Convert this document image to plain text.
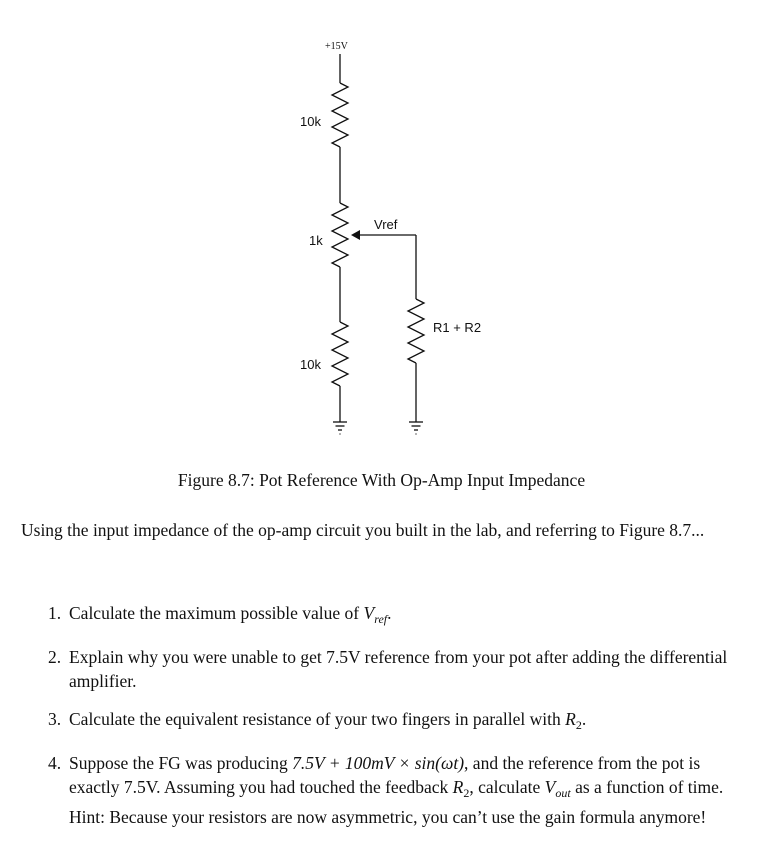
+15V
10k
1k
Vref
R1 + R2
10k

Figure 8.7: Pot Reference With Op-Amp Input Impedance

Using the input impedance of the op-amp circuit you built in the lab, and referring to Figure 8.7...

1. Calculate the maximum possible value of $V_{ref}$.
2. Explain why you were unable to get 7.5V reference from your pot after adding the differential amplifier.
3. Calculate the equivalent resistance of your two fingers in parallel with $R_2$.
4. Suppose the FG was producing 7.5V + 100mV × sin(ωt), and the reference from the pot is exactly 7.5V. Assuming you had touched the feedback $R_2$, calculate $V_{out}$ as a function of time. Hint: Because your resistors are now asymmetric, you can’t use the gain formula anymore!
